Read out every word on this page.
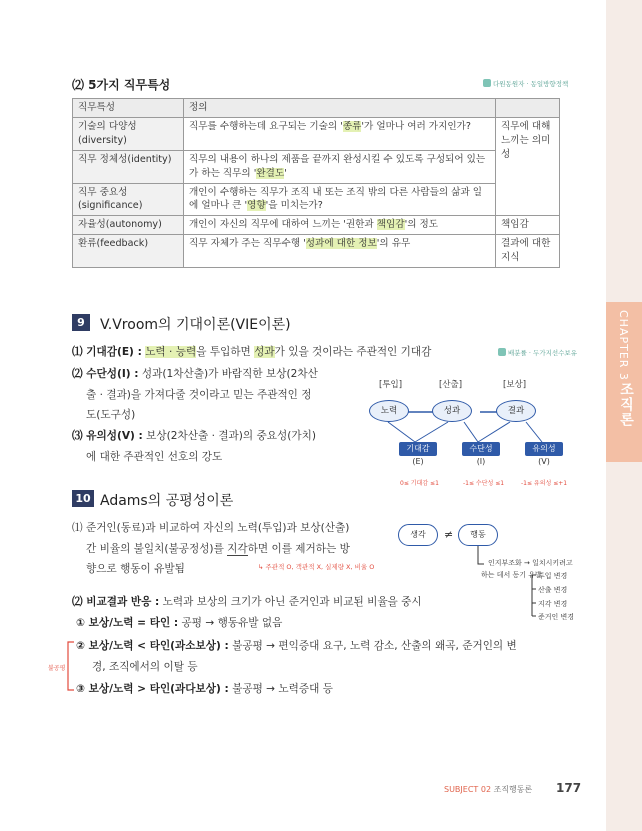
CHAPTER 3
조직론
⑵ 5가지 직무특성	다원동원자 · 동일방향정책
직무특성	정의	
기술의 다양성(diversity)	직무를 수행하는데 요구되는 기술의 '종류'가 얼마나 여러 가지인가?	직무에 대해 느끼는 의미성
직무 정체성(identity)	직무의 내용이 하나의 제품을 끝까지 완성시킬 수 있도록 구성되어 있는가 하는 직무의 '완결도'	
직무 중요성 (significance)	개인이 수행하는 직무가 조직 내 또는 조직 밖의 다른 사람들의 삶과 일에 얼마나 큰 '영향'을 미치는가?	
자율성(autonomy)	개인이 자신의 직무에 대하여 느끼는 '권한과 책임감'의 정도	책임감
환류(feedback)	직무 자체가 주는 직무수행 '성과에 대한 정보'의 유무	결과에 대한 지식
9	V.Vroom의 기대이론(VIE이론)
배분률 · 두가지선수보유
⑴ 기대감(E) : 노력 · 능력을 투입하면 성과가 있을 것이라는 주관적인 기대감
⑵ 수단성(I) : 성과(1차산출)가 바람직한 보상(2차산
출 · 결과)을 가져다줄 것이라고 믿는 주관적인 정
도(도구성)
⑶ 유의성(V) : 보상(2차산출 · 결과)의 중요성(가치)
에 대한 주관적인 선호의 강도
[투입]	[산출]	[보상]
노력	성과	결과
기대감	수단성	유의성
(E)	(I)	(V)
0≤ 기대감 ≤1	-1≤ 수단성 ≤1	-1≤ 유의성 ≤+1
10 Adams의 공평성이론
⑴ 준거인(동료)과 비교하여 자신의 노력(투입)과 보상(산출)
간 비율의 불일치(불공정성)를 지각하면 이를 제거하는 방
향으로 행동이 유발됨	↳ 주관적 O, 객관적 X, 실제량 X, 비율 O
생각	≠	행동
인지부조화 → 일치시키려고
하는 데서 동기 유발
투입 변경
산출 변경
지각 변경
준거인 변경
⑵ 비교결과 반응 : 노력과 보상의 크기가 아닌 준거인과 비교된 비율을 중시
① 보상/노력 = 타인 : 공평 → 행동유발 없음
② 보상/노력 < 타인(과소보상) : 불공평 → 편익증대 요구, 노력 감소, 산출의 왜곡, 준거인의 변
경, 조직에서의 이탈 등
③ 보상/노력 > 타인(과다보상) : 불공평 → 노력증대 등
불공평
SUBJECT 02 조직행동론 177
